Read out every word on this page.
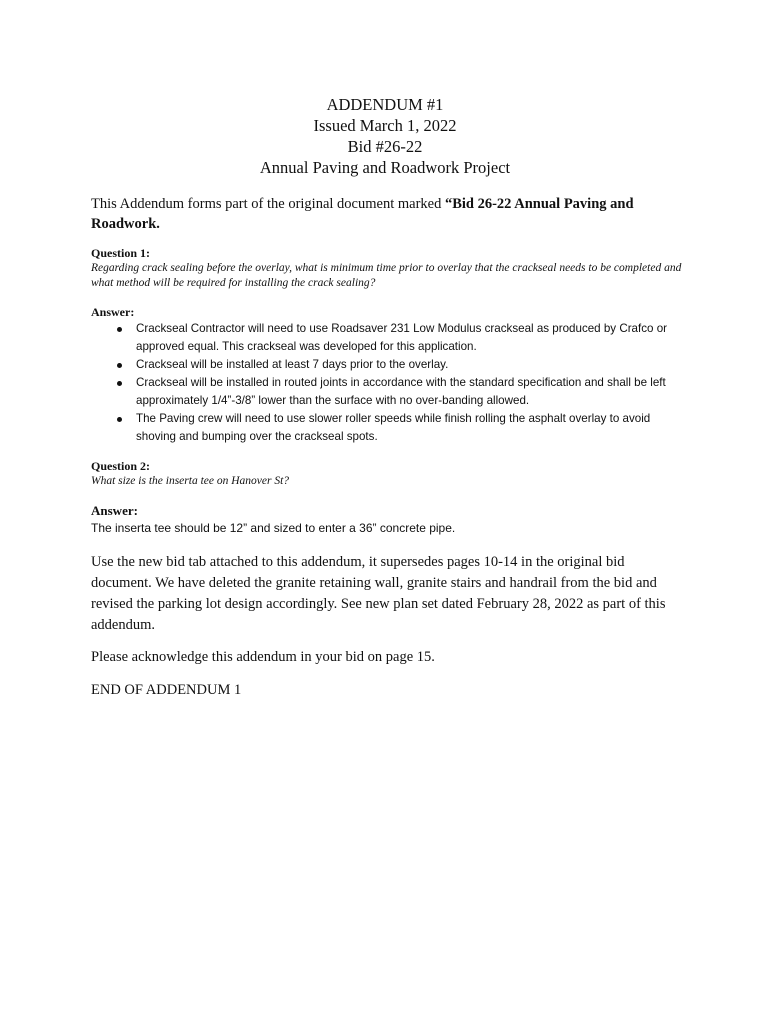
ADDENDUM #1
Issued March 1, 2022
Bid #26-22
Annual Paving and Roadwork Project
This Addendum forms part of the original document marked “Bid 26-22 Annual Paving and Roadwork.
Question 1:
Regarding crack sealing before the overlay, what is minimum time prior to overlay that the crackseal needs to be completed and what method will be required for installing the crack sealing?
Answer:
Crackseal Contractor will need to use Roadsaver 231 Low Modulus crackseal as produced by Crafco or approved equal. This crackseal was developed for this application.
Crackseal will be installed at least 7 days prior to the overlay.
Crackseal will be installed in routed joints in accordance with the standard specification and shall be left approximately 1/4”-3/8” lower than the surface with no over-banding allowed.
The Paving crew will need to use slower roller speeds while finish rolling the asphalt overlay to avoid shoving and bumping over the crackseal spots.
Question 2:
What size is the inserta tee on Hanover St?
Answer:
The inserta tee should be 12” and sized to enter a 36” concrete pipe.
Use the new bid tab attached to this addendum, it supersedes pages 10-14 in the original bid document. We have deleted the granite retaining wall, granite stairs and handrail from the bid and revised the parking lot design accordingly. See new plan set dated February 28, 2022 as part of this addendum.
Please acknowledge this addendum in your bid on page 15.
END OF ADDENDUM 1
